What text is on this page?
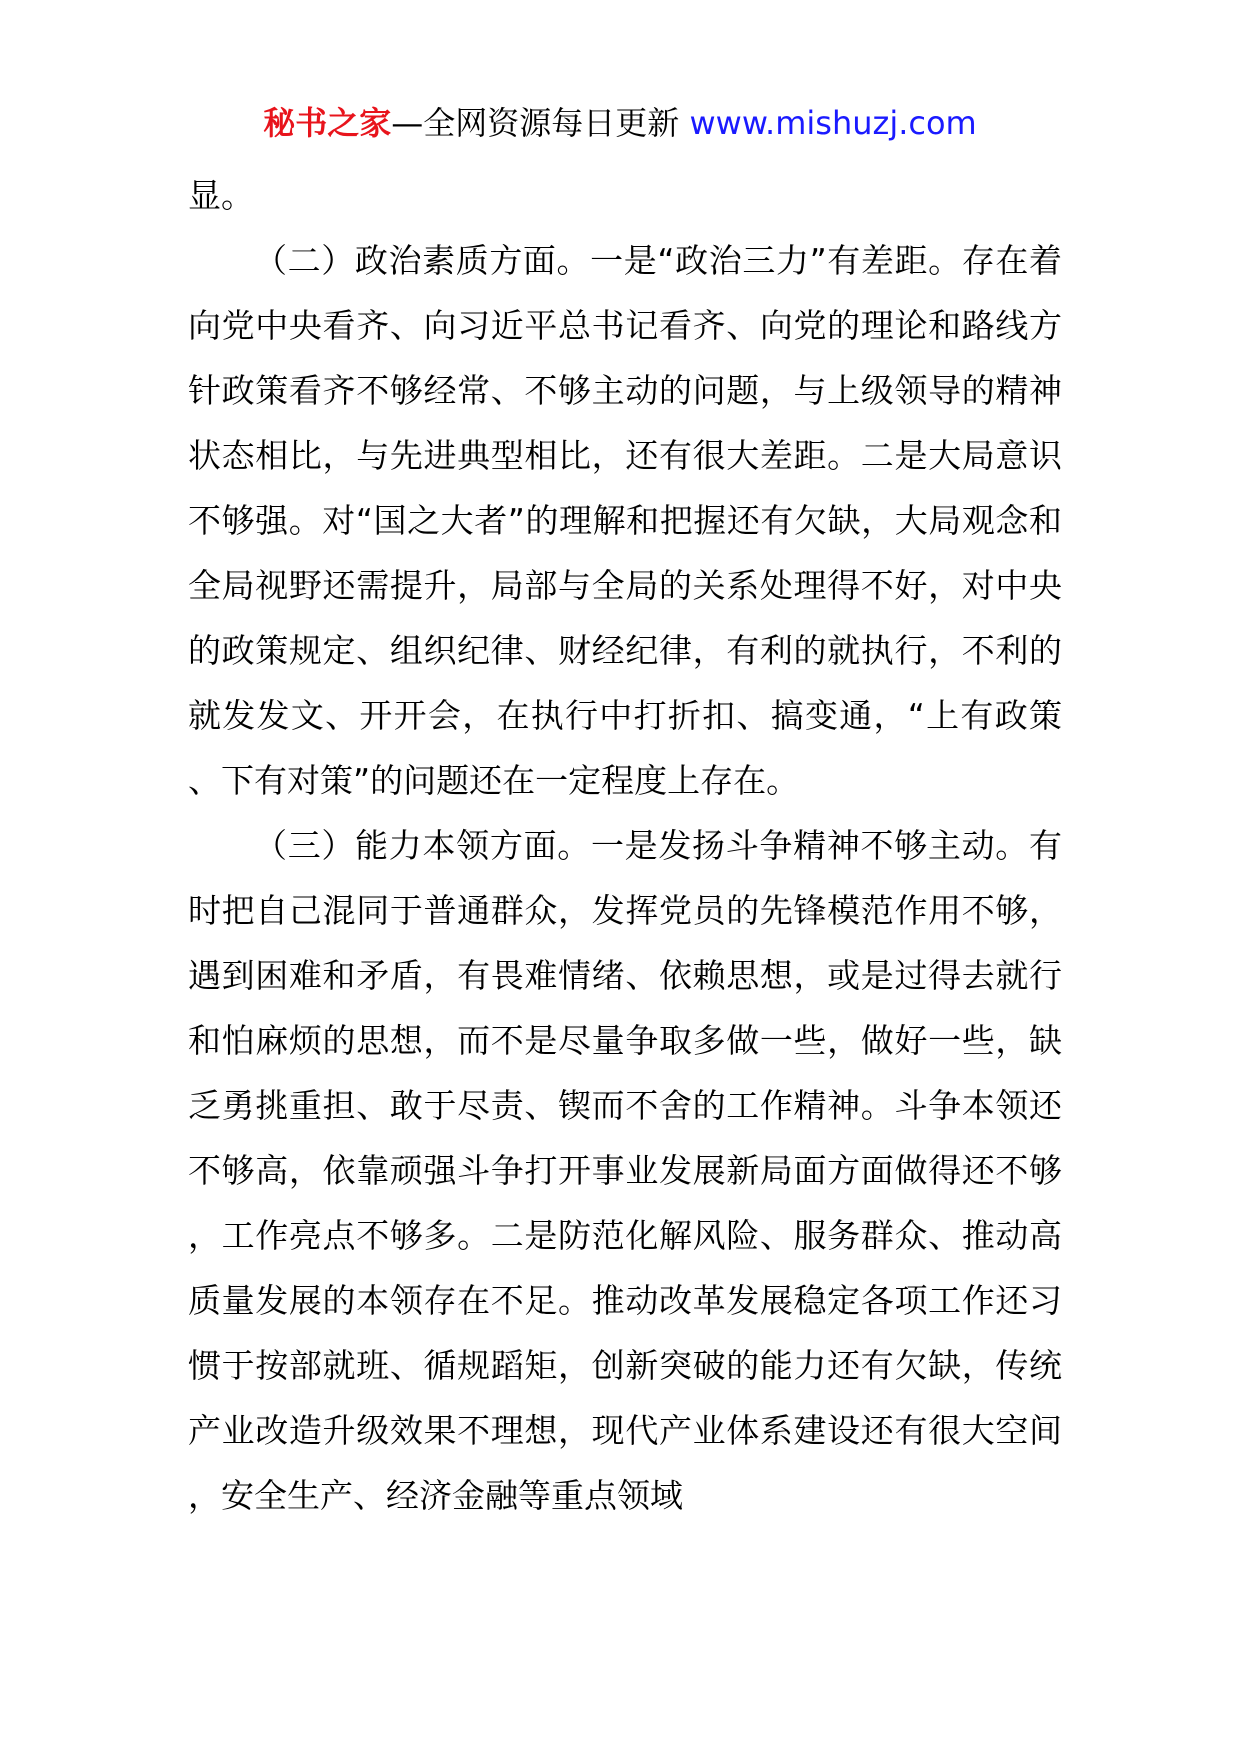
秘书之家—全网资源每日更新 www.mishuzj.com

显。

（二）政治素质方面。一是“政治三力”有差距。存在着向党中央看齐、向习近平总书记看齐、向党的理论和路线方针政策看齐不够经常、不够主动的问题，与上级领导的精神状态相比，与先进典型相比，还有很大差距。二是大局意识不够强。对“国之大者”的理解和把握还有欠缺，大局观念和全局视野还需提升，局部与全局的关系处理得不好，对中央的政策规定、组织纪律、财经纪律，有利的就执行，不利的就发发文、开开会，在执行中打折扣、搞变通，“上有政策、下有对策”的问题还在一定程度上存在。

（三）能力本领方面。一是发扬斗争精神不够主动。有时把自己混同于普通群众，发挥党员的先锋模范作用不够，遇到困难和矛盾，有畏难情绪、依赖思想，或是过得去就行和怕麻烦的思想，而不是尽量争取多做一些，做好一些，缺乏勇挑重担、敢于尽责、锲而不舍的工作精神。斗争本领还不够高，依靠顽强斗争打开事业发展新局面方面做得还不够，工作亮点不够多。二是防范化解风险、服务群众、推动高质量发展的本领存在不足。推动改革发展稳定各项工作还习惯于按部就班、循规蹈矩，创新突破的能力还有欠缺，传统产业改造升级效果不理想，现代产业体系建设还有很大空间，安全生产、经济金融等重点领域
